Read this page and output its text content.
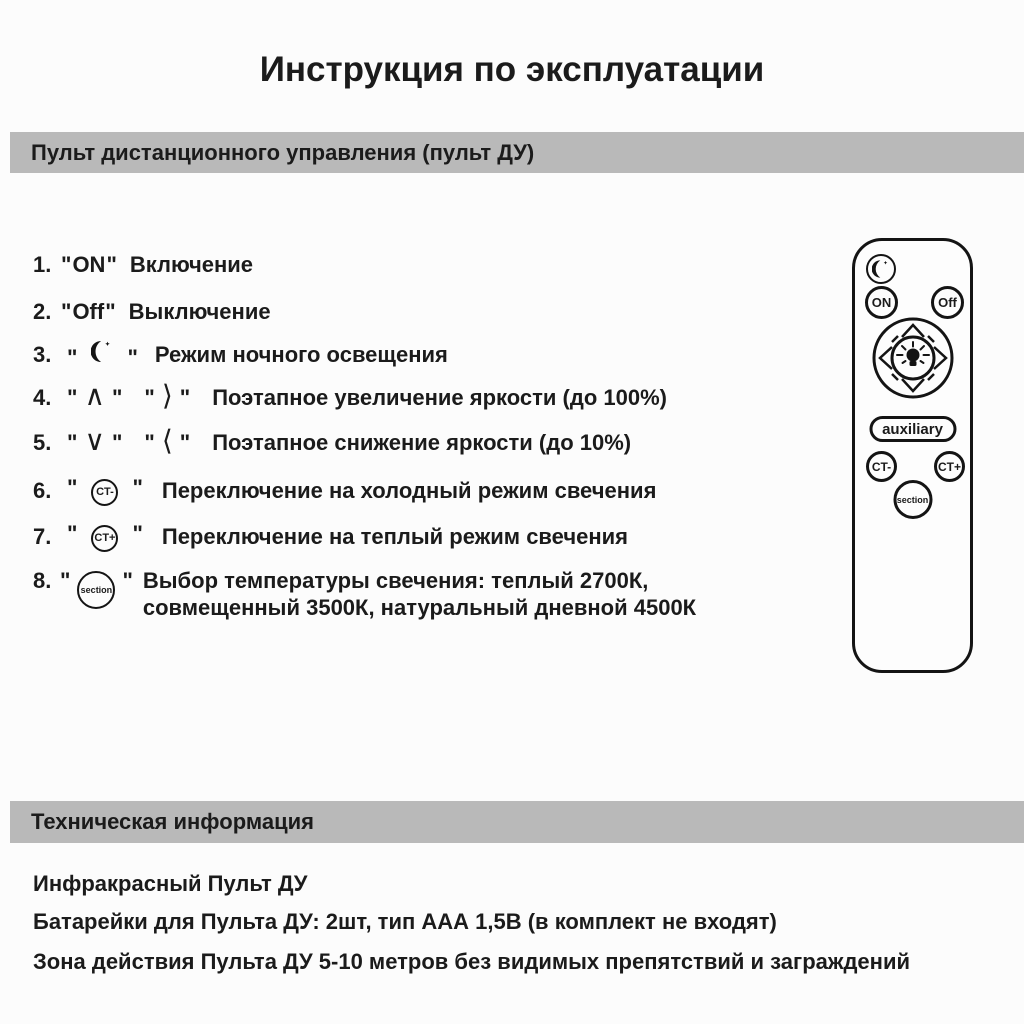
Инструкция по эксплуатации
Пульт дистанционного управления (пульт ДУ)
1. "ON" Включение
2. "Off" Выключение
3. " " Режим ночного освещения
4. " ∧ "	" ⟩ "	Поэтапное увеличение яркости (до 100%)
5. " ∨ "	" ⟨ "	Поэтапное снижение яркости (до 10%)
6. " CT- " Переключение на холодный режим свечения
7. " CT+ " Переключение на теплый режим свечения
8. "	section " Выбор температуры свечения: теплый 2700К,
совмещенный 3500К, натуральный дневной 4500К
ON	Off
auxiliary
CT-	CT+
section
Техническая информация
Инфракрасный Пульт ДУ
Батарейки для Пульта ДУ: 2шт, тип ААА 1,5В (в комплект не входят)
Зона действия Пульта ДУ 5-10 метров без видимых препятствий и заграждений
